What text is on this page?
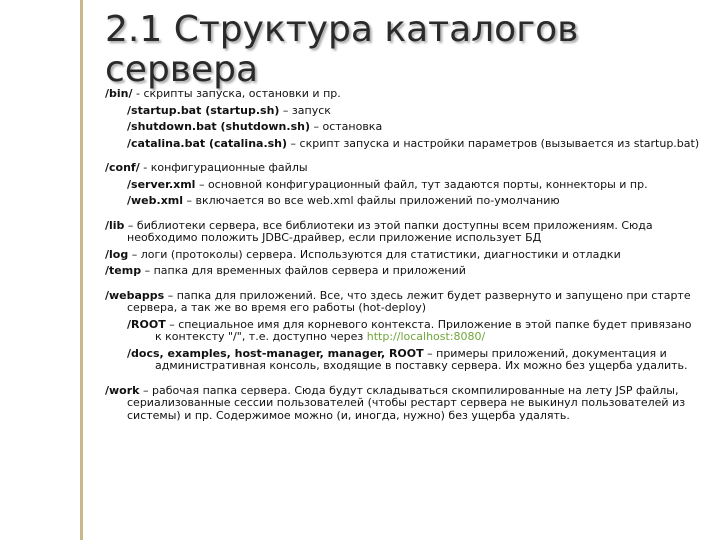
2.1 Структура каталогов сервера

/bin/ - скрипты запуска, остановки и пр.

/startup.bat (startup.sh) – запуск

/shutdown.bat (shutdown.sh) – остановка

/catalina.bat (catalina.sh) – скрипт запуска и настройки параметров (вызывается из startup.bat)

/conf/ - конфигурационные файлы

/server.xml – основной конфигурационный файл, тут задаются порты, коннекторы и пр.

/web.xml – включается во все web.xml файлы приложений по-умолчанию

/lib – библиотеки сервера, все библиотеки из этой папки доступны всем приложениям. Сюда необходимо положить JDBC-драйвер, если приложение использует БД

/log – логи (протоколы) сервера. Используются для статистики, диагностики и отладки

/temp – папка для временных файлов сервера и приложений

/webapps – папка для приложений. Все, что здесь лежит будет развернуто и запущено при старте сервера, а так же во время его работы (hot-deploy)

/ROOT – специальное имя для корневого контекста. Приложение в этой папке будет привязано к контексту "/", т.е. доступно через http://localhost:8080/

/docs, examples, host-manager, manager, ROOT – примеры приложений, документация и административная консоль, входящие в поставку сервера. Их можно без ущерба удалить.

/work – рабочая папка сервера. Сюда будут складываться скомпилированные на лету JSP файлы, сериализованные сессии пользователей (чтобы рестарт сервера не выкинул пользователей из системы) и пр. Содержимое можно (и, иногда, нужно) без ущерба удалять.
